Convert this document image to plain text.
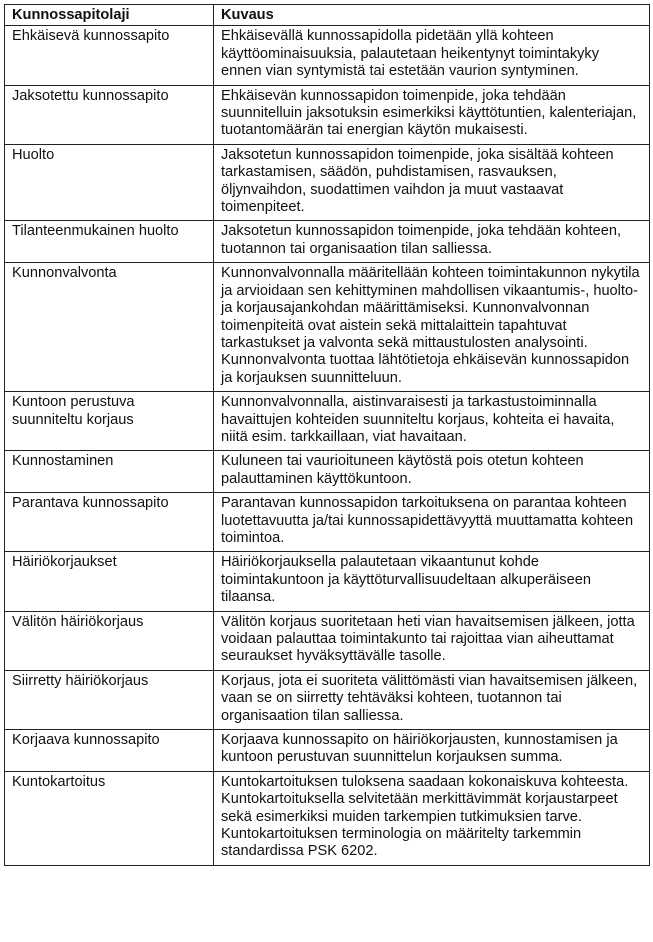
Kunnossapitolaji	Kuvaus
Ehkäisevä kunnossapito	Ehkäisevällä kunnossapidolla pidetään yllä kohteen käyttöominaisuuksia, palautetaan heikentynyt toimintakyky ennen vian syntymistä tai estetään vaurion syntyminen.
Jaksotettu kunnossapito	Ehkäisevän kunnossapidon toimenpide, joka tehdään suunnitelluin jaksotuksin esimerkiksi käyttötuntien, kalenteriajan, tuotantomäärän tai energian käytön mukaisesti.
Huolto	Jaksotetun kunnossapidon toimenpide, joka sisältää kohteen tarkastamisen, säädön, puhdistamisen, rasvauksen, öljynvaihdon, suodattimen vaihdon ja muut vastaavat toimenpiteet.
Tilanteenmukainen huolto	Jaksotetun kunnossapidon toimenpide, joka tehdään kohteen, tuotannon tai organisaation tilan salliessa.
Kunnonvalvonta	Kunnonvalvonnalla määritellään kohteen toimintakunnon nykytila ja arvioidaan sen kehittyminen mahdollisen vikaantumis-, huolto- ja korjausajankohdan määrittämiseksi. Kunnonvalvonnan toimenpiteitä ovat aistein sekä mittalaittein tapahtuvat tarkastukset ja valvonta sekä mittaustulosten analysointi. Kunnonvalvonta tuottaa lähtötietoja ehkäisevän kunnossapidon ja korjauksen suunnitteluun.
Kuntoon perustuva suunniteltu korjaus	Kunnonvalvonnalla, aistinvaraisesti ja tarkastustoiminnalla havaittujen kohteiden suunniteltu korjaus, kohteita ei havaita, niitä esim. tarkkaillaan, viat havaitaan.
Kunnostaminen	Kuluneen tai vaurioituneen käytöstä pois otetun kohteen palauttaminen käyttökuntoon.
Parantava kunnossapito	Parantavan kunnossapidon tarkoituksena on parantaa kohteen luotettavuutta ja/tai kunnossapidettävyyttä muuttamatta kohteen toimintoa.
Häiriökorjaukset	Häiriökorjauksella palautetaan vikaantunut kohde toimintakuntoon ja käyttöturvallisuudeltaan alkuperäiseen tilaansa.
Välitön häiriökorjaus	Välitön korjaus suoritetaan heti vian havaitsemisen jälkeen, jotta voidaan palauttaa toimintakunto tai rajoittaa vian aiheuttamat seuraukset hyväksyttävälle tasolle.
Siirretty häiriökorjaus	Korjaus, jota ei suoriteta välittömästi vian havaitsemisen jälkeen, vaan se on siirretty tehtäväksi kohteen, tuotannon tai organisaation tilan salliessa.
Korjaava kunnossapito	Korjaava kunnossapito on häiriökorjausten, kunnostamisen ja kuntoon perustuvan suunnittelun korjauksen summa.
Kuntokartoitus	Kuntokartoituksen tuloksena saadaan kokonaiskuva kohteesta. Kuntokartoituksella selvitetään merkittävimmät korjaustarpeet sekä esimerkiksi muiden tarkempien tutkimuksien tarve. Kuntokartoituksen terminologia on määritelty tarkemmin standardissa PSK 6202.
